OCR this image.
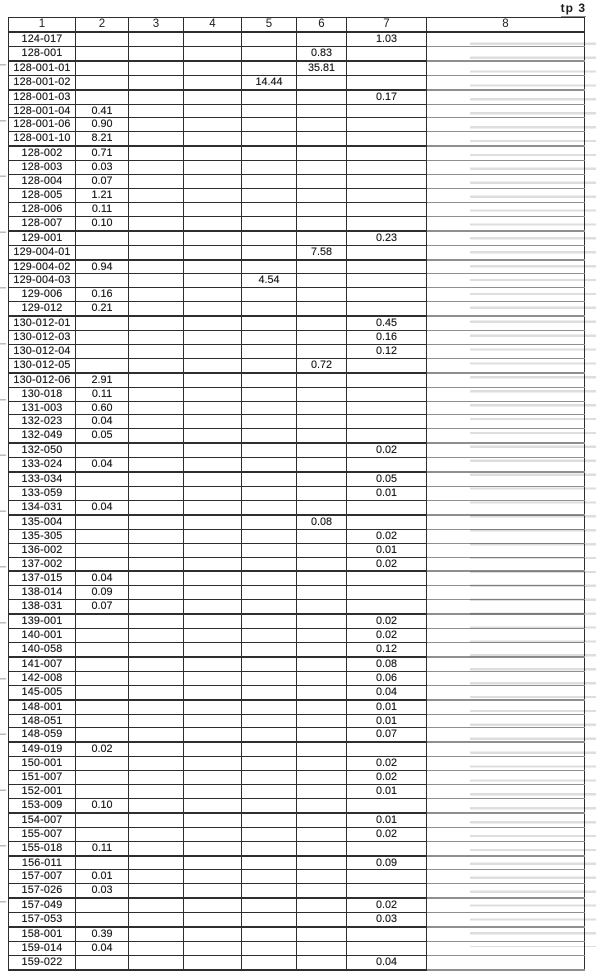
tp 3
1	2	3	4	5	6	7	8
124-017						1.03	
128-001					0.83		
128-001-01					35.81		
128-001-02				14.44			
128-001-03						0.17	
128-001-04	0.41						
128-001-06	0.90						
128-001-10	8.21						
128-002	0.71						
128-003	0.03						
128-004	0.07						
128-005	1.21						
128-006	0.11						
128-007	0.10						
129-001						0.23	
129-004-01					7.58		
129-004-02	0.94						
129-004-03				4.54			
129-006	0.16						
129-012	0.21						
130-012-01						0.45	
130-012-03						0.16	
130-012-04						0.12	
130-012-05					0.72		
130-012-06	2.91						
130-018	0.11						
131-003	0.60						
132-023	0.04						
132-049	0.05						
132-050						0.02	
133-024	0.04						
133-034						0.05	
133-059						0.01	
134-031	0.04						
135-004					0.08		
135-305						0.02	
136-002						0.01	
137-002						0.02	
137-015	0.04						
138-014	0.09						
138-031	0.07						
139-001						0.02	
140-001						0.02	
140-058						0.12	
141-007						0.08	
142-008						0.06	
145-005						0.04	
148-001						0.01	
148-051						0.01	
148-059						0.07	
149-019	0.02						
150-001						0.02	
151-007						0.02	
152-001						0.01	
153-009	0.10						
154-007						0.01	
155-007						0.02	
155-018	0.11						
156-011						0.09	
157-007	0.01						
157-026	0.03						
157-049						0.02	
157-053						0.03	
158-001	0.39						
159-014	0.04						
159-022						0.04	
